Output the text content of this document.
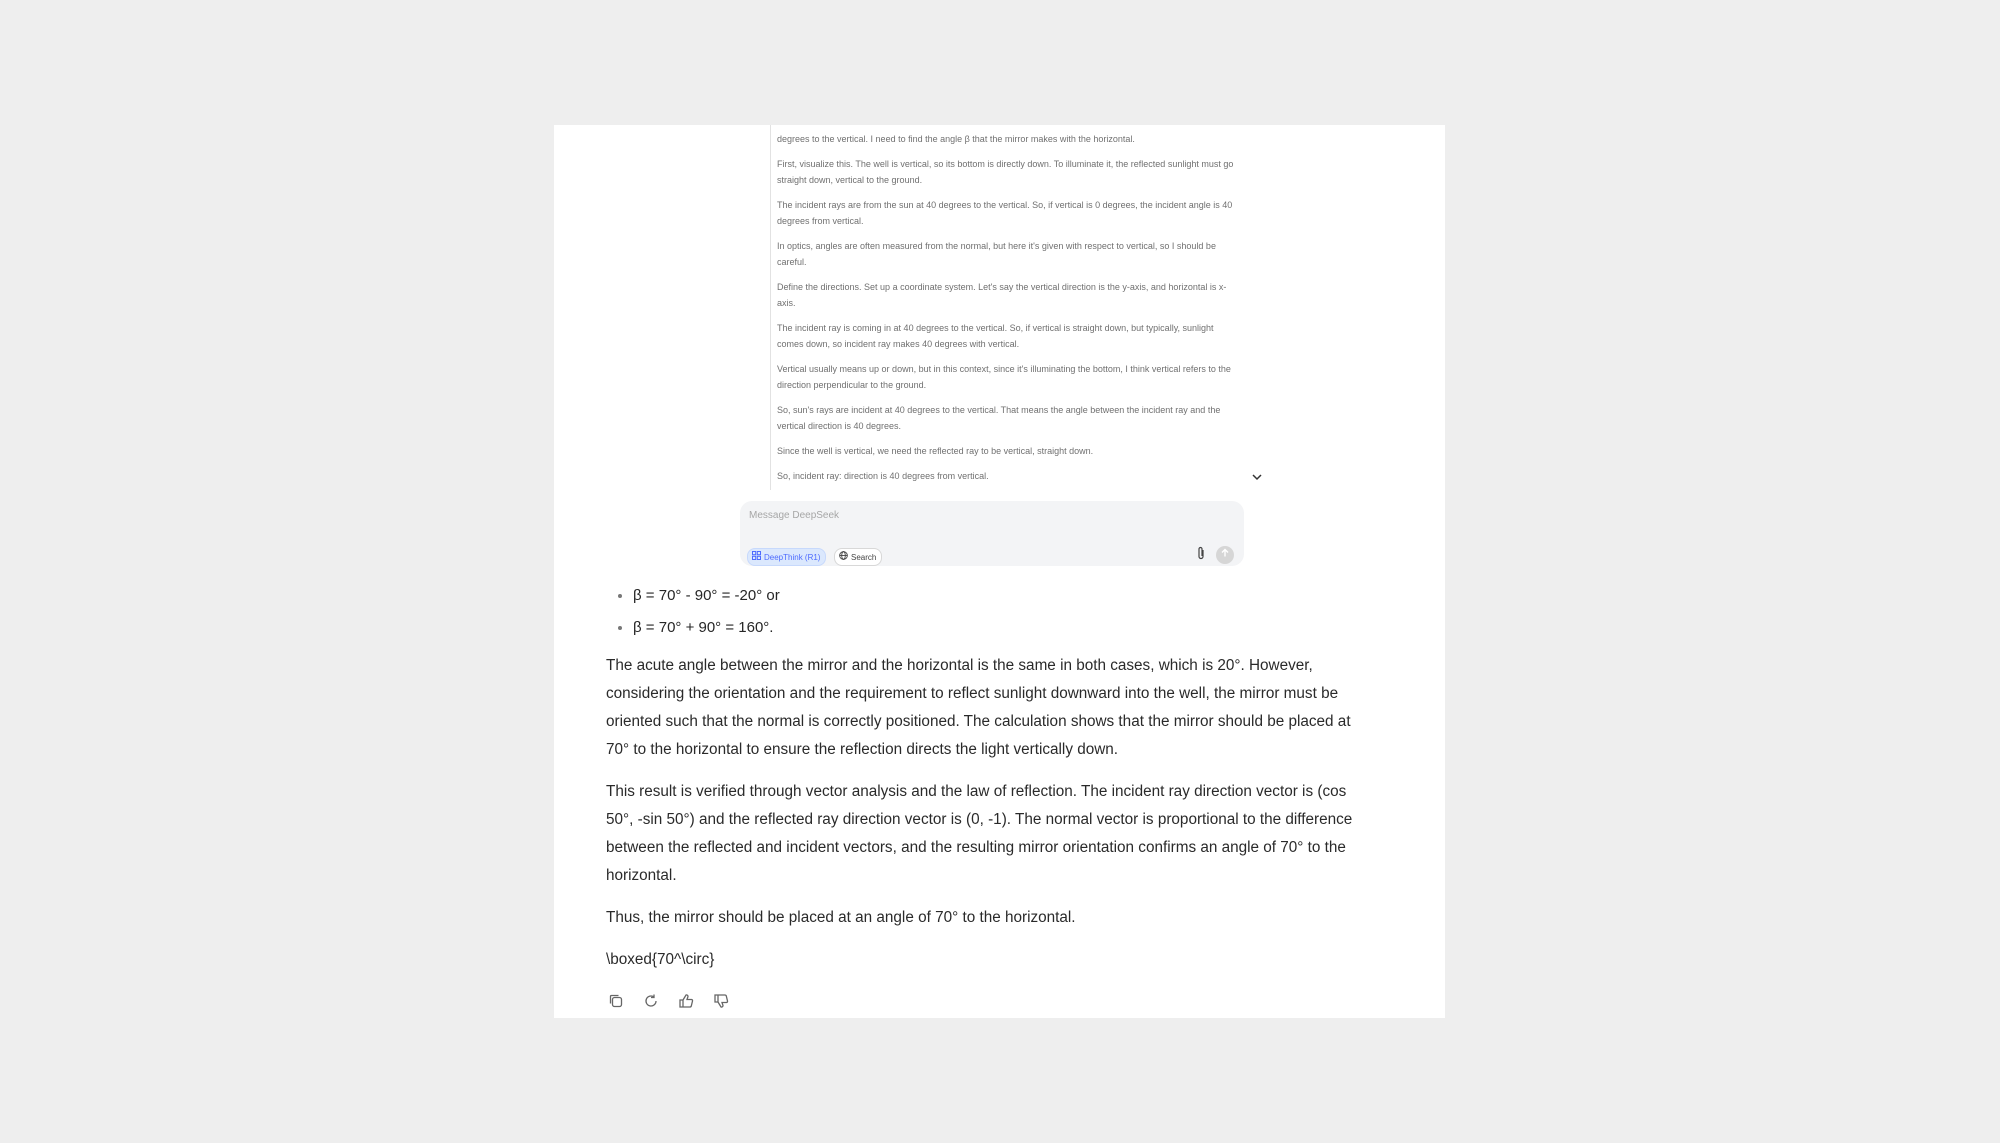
degrees to the vertical. I need to find the angle β that the mirror makes with the horizontal.

First, visualize this. The well is vertical, so its bottom is directly down. To illuminate it, the reflected sunlight must go straight down, vertical to the ground.

The incident rays are from the sun at 40 degrees to the vertical. So, if vertical is 0 degrees, the incident angle is 40 degrees from vertical.

In optics, angles are often measured from the normal, but here it's given with respect to vertical, so I should be careful.

Define the directions. Set up a coordinate system. Let's say the vertical direction is the y-axis, and horizontal is x-axis.

The incident ray is coming in at 40 degrees to the vertical. So, if vertical is straight down, but typically, sunlight comes down, so incident ray makes 40 degrees with vertical.

Vertical usually means up or down, but in this context, since it's illuminating the bottom, I think vertical refers to the direction perpendicular to the ground.

So, sun's rays are incident at 40 degrees to the vertical. That means the angle between the incident ray and the vertical direction is 40 degrees.

Since the well is vertical, we need the reflected ray to be vertical, straight down.

So, incident ray: direction is 40 degrees from vertical.

Message DeepSeek
DeepThink (R1)	Search
• β = 70° - 90° = -20° or
• β = 70° + 90° = 160°.

The acute angle between the mirror and the horizontal is the same in both cases, which is 20°. However, considering the orientation and the requirement to reflect sunlight downward into the well, the mirror must be oriented such that the normal is correctly positioned. The calculation shows that the mirror should be placed at 70° to the horizontal to ensure the reflection directs the light vertically down.

This result is verified through vector analysis and the law of reflection. The incident ray direction vector is (cos 50°, -sin 50°) and the reflected ray direction vector is (0, -1). The normal vector is proportional to the difference between the reflected and incident vectors, and the resulting mirror orientation confirms an angle of 70° to the horizontal.

Thus, the mirror should be placed at an angle of 70° to the horizontal.

\boxed{70^\circ}
